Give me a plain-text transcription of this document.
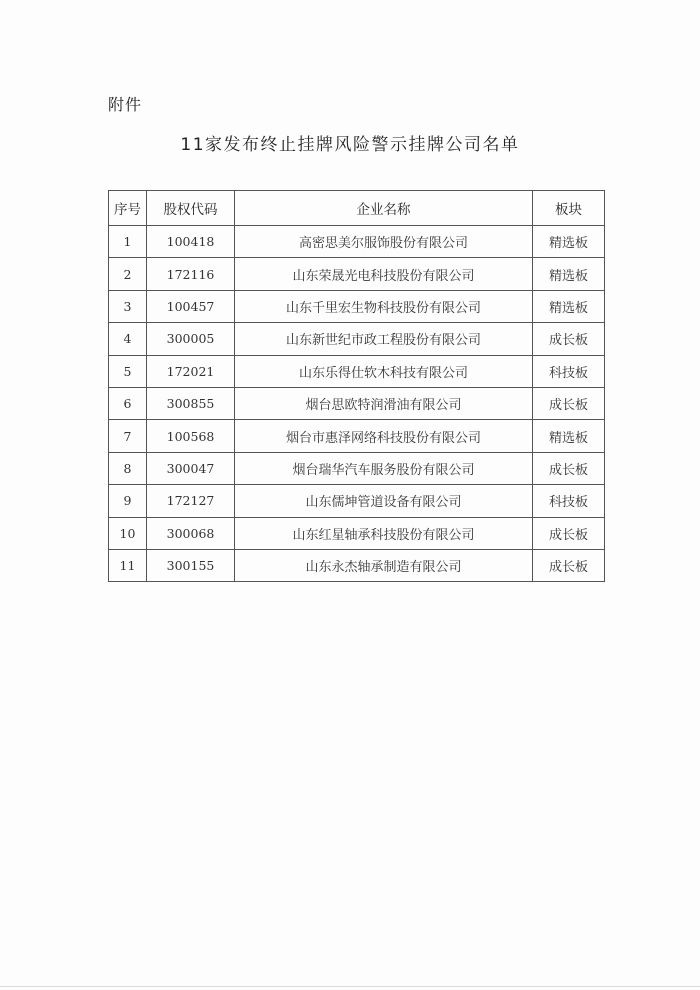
附件
11家发布终止挂牌风险警示挂牌公司名单
序号	股权代码	企业名称	板块
1	100418	高密思美尔服饰股份有限公司	精选板
2	172116	山东荣晟光电科技股份有限公司	精选板
3	100457	山东千里宏生物科技股份有限公司	精选板
4	300005	山东新世纪市政工程股份有限公司	成长板
5	172021	山东乐得仕软木科技有限公司	科技板
6	300855	烟台思欧特润滑油有限公司	成长板
7	100568	烟台市惠泽网络科技股份有限公司	精选板
8	300047	烟台瑞华汽车服务股份有限公司	成长板
9	172127	山东儒坤管道设备有限公司	科技板
10	300068	山东红星轴承科技股份有限公司	成长板
11	300155	山东永杰轴承制造有限公司	成长板
